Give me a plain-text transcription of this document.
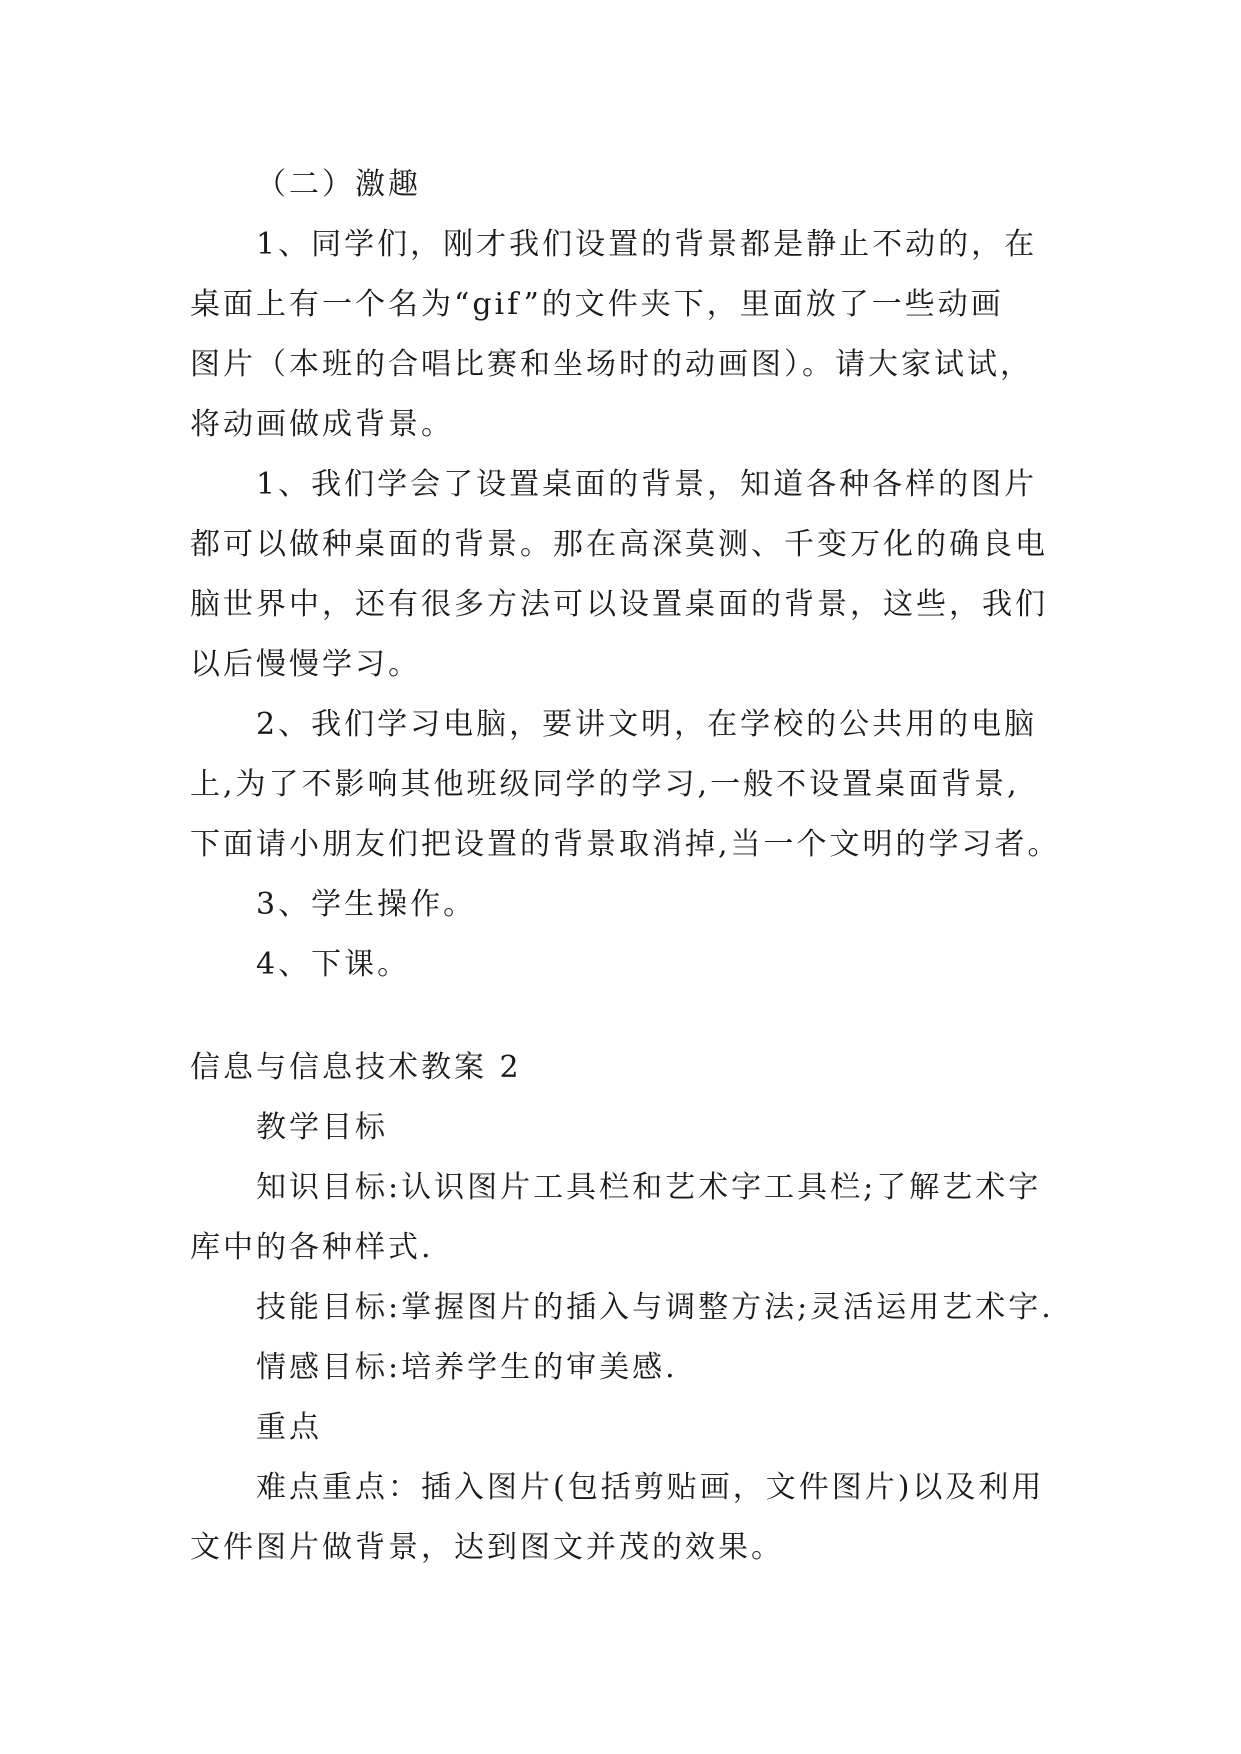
（二）激趣
1、同学们，刚才我们设置的背景都是静止不动的，在
桌面上有一个名为“gif”的文件夹下，里面放了一些动画
图片（本班的合唱比赛和坐场时的动画图）。请大家试试，
将动画做成背景。
1、我们学会了设置桌面的背景，知道各种各样的图片
都可以做种桌面的背景。那在高深莫测、千变万化的确良电
脑世界中，还有很多方法可以设置桌面的背景，这些，我们
以后慢慢学习。
2、我们学习电脑，要讲文明，在学校的公共用的电脑
上,为了不影响其他班级同学的学习,一般不设置桌面背景,
下面请小朋友们把设置的背景取消掉,当一个文明的学习者。
3、学生操作。
4、下课。
信息与信息技术教案 2
教学目标
知识目标:认识图片工具栏和艺术字工具栏;了解艺术字
库中的各种样式.
技能目标:掌握图片的插入与调整方法;灵活运用艺术字.
情感目标:培养学生的审美感.
重点
难点重点：插入图片(包括剪贴画，文件图片)以及利用
文件图片做背景，达到图文并茂的效果。
